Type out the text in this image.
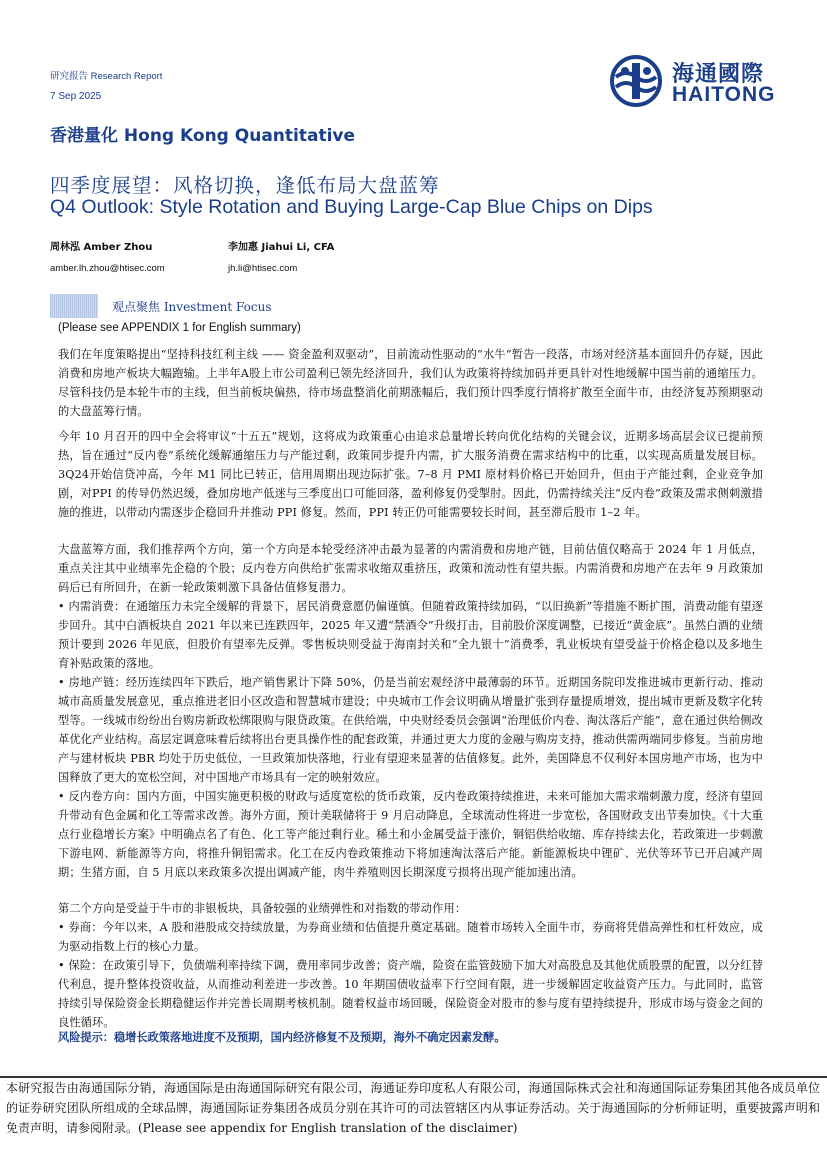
研究报告 Research Report
7 Sep 2025
海通國際
HAITONG
香港量化 Hong Kong Quantitative
四季度展望：风格切换，逢低布局大盘蓝筹
Q4 Outlook: Style Rotation and Buying Large-Cap Blue Chips on Dips
周林泓 Amber Zhou	李加惠 Jiahui Li, CFA
amber.lh.zhou@htisec.com	jh.li@htisec.com
观点聚焦 Investment Focus
(Please see APPENDIX 1 for English summary)
我们在年度策略提出“坚持科技红利主线 —— 资金盈利双驱动”，目前流动性驱动的“水牛”暂告一段落，市场对经济基本面回升仍存疑，因此消费和房地产板块大幅跑输。上半年A股上市公司盈利已领先经济回升，我们认为政策将持续加码并更具针对性地缓解中国当前的通缩压力。尽管科技仍是本轮牛市的主线，但当前板块偏热，待市场盘整消化前期涨幅后，我们预计四季度行情将扩散至全面牛市，由经济复苏预期驱动的大盘蓝筹行情。
今年 10 月召开的四中全会将审议“十五五”规划，这将成为政策重心由追求总量增长转向优化结构的关键会议，近期多场高层会议已提前预热，旨在通过“反内卷”系统化缓解通缩压力与产能过剩，政策同步提升内需，扩大服务消费在需求结构中的比重，以实现高质量发展目标。3Q24开始信贷冲高，今年 M1 同比已转正，信用周期出现边际扩张。7–8 月 PMI 原材料价格已开始回升，但由于产能过剩，企业竞争加剧，对PPI 的传导仍然迟缓，叠加房地产低迷与三季度出口可能回落，盈利修复仍受掣肘。因此，仍需持续关注“反内卷”政策及需求侧刺激措施的推进，以带动内需逐步企稳回升并推动 PPI 修复。然而，PPI 转正仍可能需要较长时间，甚至滞后股市 1–2 年。
大盘蓝筹方面，我们推荐两个方向，第一个方向是本轮受经济冲击最为显著的内需消费和房地产链，目前估值仅略高于 2024 年 1 月低点，重点关注其中业绩率先企稳的个股；反内卷方向供给扩张需求收缩双重挤压，政策和流动性有望共振。内需消费和房地产在去年 9 月政策加码后已有所回升，在新一轮政策刺激下具备估值修复潜力。
• 内需消费：在通缩压力未完全缓解的背景下，居民消费意愿仍偏谨慎。但随着政策持续加码，“以旧换新”等措施不断扩围，消费动能有望逐步回升。其中白酒板块自 2021 年以来已连跌四年，2025 年又遭“禁酒令”升级打击，目前股价深度调整，已接近“黄金底”。虽然白酒的业绩预计要到 2026 年见底，但股价有望率先反弹。零售板块则受益于海南封关和“全九银十”消费季，乳业板块有望受益于价格企稳以及多地生育补贴政策的落地。
• 房地产链：经历连续四年下跌后，地产销售累计下降 50%，仍是当前宏观经济中最薄弱的环节。近期国务院印发推进城市更新行动、推动城市高质量发展意见，重点推进老旧小区改造和智慧城市建设；中央城市工作会议明确从增量扩张到存量提质增效，提出城市更新及数字化转型等。一线城市纷纷出台购房新政松绑限购与限贷政策。在供给端，中央财经委员会强调“治理低价内卷、淘汰落后产能”，意在通过供给侧改革优化产业结构。高层定调意味着后续将出台更具操作性的配套政策，并通过更大力度的金融与购房支持，推动供需两端同步修复。当前房地产与建材板块 PBR 均处于历史低位，一旦政策加快落地，行业有望迎来显著的估值修复。此外，美国降息不仅利好本国房地产市场，也为中国释放了更大的宽松空间，对中国地产市场具有一定的映射效应。
• 反内卷方向：国内方面，中国实施更积极的财政与适度宽松的货币政策，反内卷政策持续推进，未来可能加大需求端刺激力度，经济有望回升带动有色金属和化工等需求改善。海外方面，预计美联储将于 9 月启动降息，全球流动性将进一步宽松，各国财政支出节奏加快。《十大重点行业稳增长方案》中明确点名了有色、化工等产能过剩行业。稀土和小金属受益于涨价，铜铝供给收缩、库存持续去化，若政策进一步刺激下游电网、新能源等方向，将推升铜铝需求。化工在反内卷政策推动下将加速淘汰落后产能。新能源板块中锂矿、光伏等环节已开启减产周期；生猪方面，自 5 月底以来政策多次提出调减产能，肉牛养殖则因长期深度亏损将出现产能加速出清。
第二个方向是受益于牛市的非银板块，具备较强的业绩弹性和对指数的带动作用：
• 券商：今年以来，A 股和港股成交持续放量，为券商业绩和估值提升奠定基础。随着市场转入全面牛市，券商将凭借高弹性和杠杆效应，成为驱动指数上行的核心力量。
• 保险：在政策引导下，负债端利率持续下调，费用率同步改善；资产端，险资在监管鼓励下加大对高股息及其他优质股票的配置，以分红替代利息，提升整体投资收益，从而推动利差进一步改善。10 年期国债收益率下行空间有限，进一步缓解固定收益资产压力。与此同时，监管持续引导保险资金长期稳健运作并完善长周期考核机制。随着权益市场回暖，保险资金对股市的参与度有望持续提升，形成市场与资金之间的良性循环。
风险提示：稳增长政策落地进度不及预期，国内经济修复不及预期，海外不确定因素发酵。
本研究报告由海通国际分销，海通国际是由海通国际研究有限公司，海通证券印度私人有限公司，海通国际株式会社和海通国际证券集团其他各成员单位的证券研究团队所组成的全球品牌，海通国际证券集团各成员分别在其许可的司法管辖区内从事证券活动。关于海通国际的分析师证明，重要披露声明和免责声明，请参阅附录。(Please see appendix for English translation of the disclaimer)
